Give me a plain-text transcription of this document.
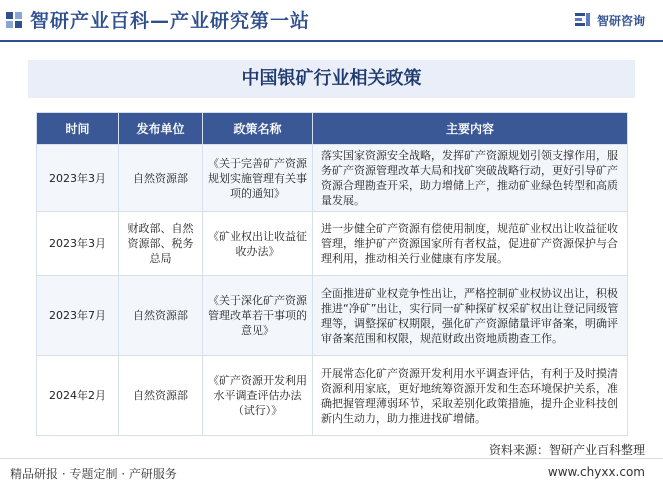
智研产业百科—产业研究第一站	智研咨询
中国银矿行业相关政策
时间	发布单位	政策名称	主要内容
2023年3月	自然资源部	《关于完善矿产资源规划实施管理有关事项的通知》	落实国家资源安全战略，发挥矿产资源规划引领支撑作用，服务矿产资源管理改革大局和找矿突破战略行动，更好引导矿产资源合理勘查开采，助力增储上产，推动矿业绿色转型和高质量发展。
2023年3月	财政部、自然资源部、税务总局	《矿业权出让收益征收办法》	进一步健全矿产资源有偿使用制度，规范矿业权出让收益征收管理，维护矿产资源国家所有者权益，促进矿产资源保护与合理利用，推动相关行业健康有序发展。
2023年7月	自然资源部	《关于深化矿产资源管理改革若干事项的意见》	全面推进矿业权竞争性出让，严格控制矿业权协议出让，积极推进“净矿”出让，实行同一矿种探矿权采矿权出让登记同级管理等，调整探矿权期限，强化矿产资源储量评审备案，明确评审备案范围和权限，规范财政出资地质勘查工作。
2024年2月	自然资源部	《矿产资源开发利用水平调查评估办法（试行）》	开展常态化矿产资源开发利用水平调查评估，有利于及时摸清资源利用家底，更好地统筹资源开发和生态环境保护关系，准确把握管理薄弱环节，采取差别化政策措施，提升企业科技创新内生动力，助力推进找矿增储。
资料来源：智研产业百科整理
精品研报 · 专题定制 · 产研服务	www.chyxx.com
